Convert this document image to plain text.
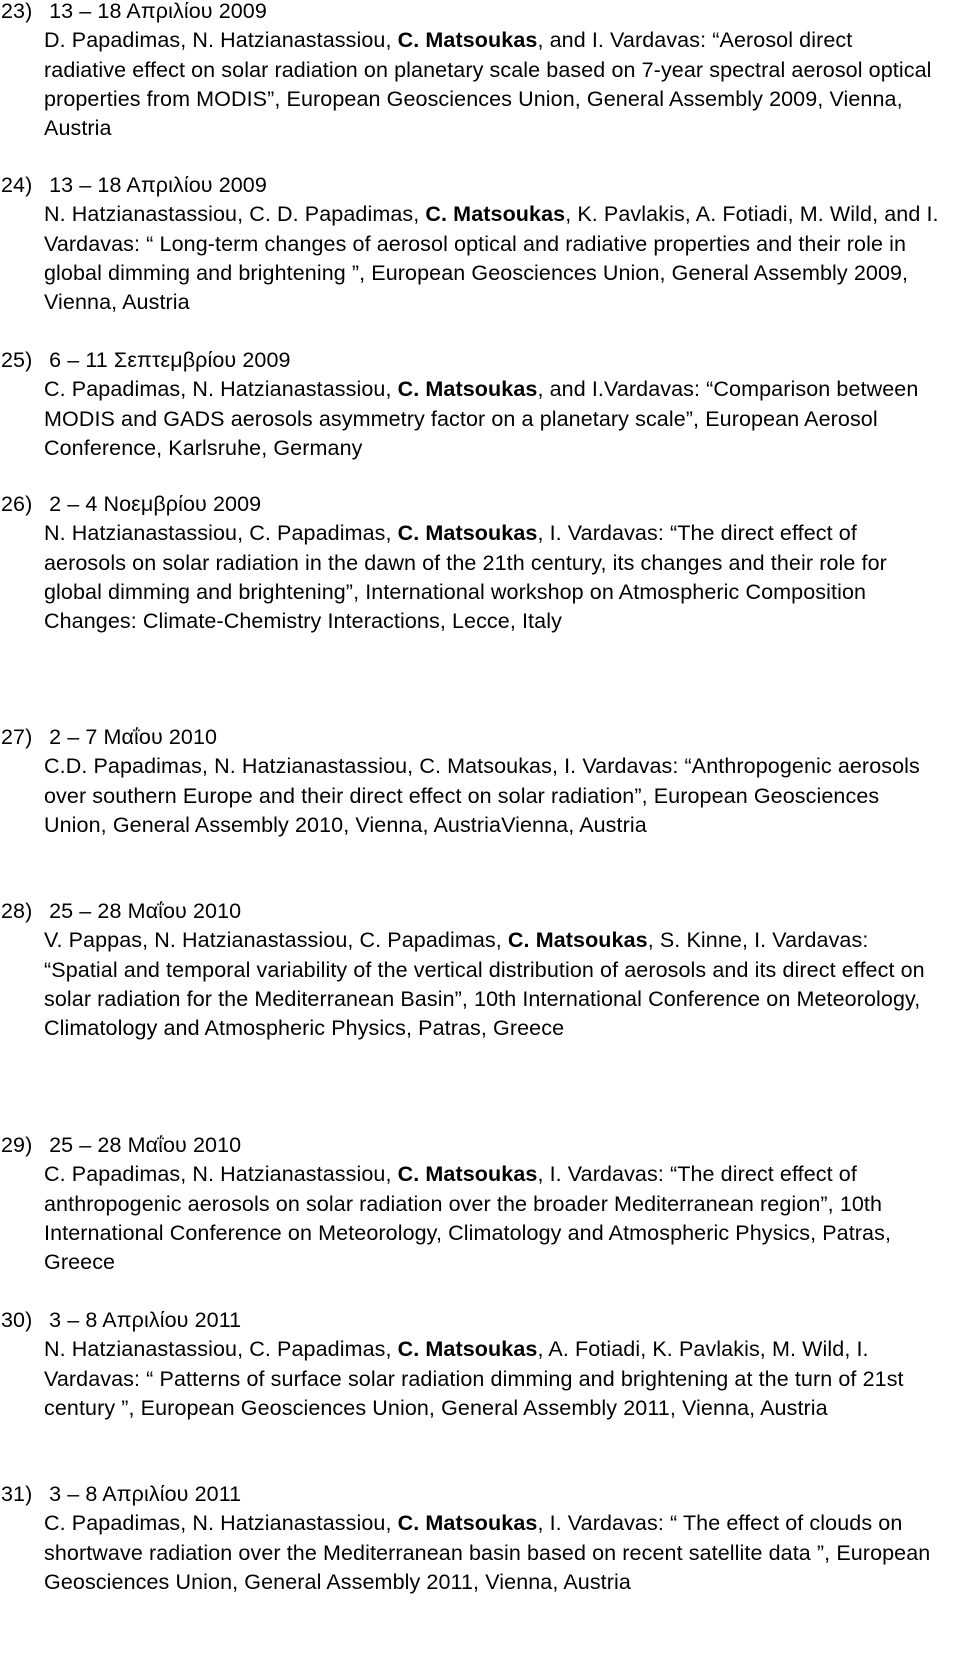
23) 13 – 18 Απριλίου 2009
D. Papadimas, N. Hatzianastassiou, C. Matsoukas, and I. Vardavas: “Aerosol direct radiative effect on solar radiation on planetary scale based on 7-year spectral aerosol optical properties from MODIS”, European Geosciences Union, General Assembly 2009, Vienna, Austria
24) 13 – 18 Απριλίου 2009
N. Hatzianastassiou, C. D. Papadimas, C. Matsoukas, K. Pavlakis, A. Fotiadi, M. Wild, and I. Vardavas: “ Long-term changes of aerosol optical and radiative properties and their role in global dimming and brightening ”, European Geosciences Union, General Assembly 2009, Vienna, Austria
25) 6 – 11 Σεπτεμβρίου 2009
C. Papadimas, N. Hatzianastassiou, C. Matsoukas, and I.Vardavas: “Comparison between MODIS and GADS aerosols asymmetry factor on a planetary scale”, European Aerosol Conference, Karlsruhe, Germany
26) 2 – 4 Νοεμβρίου 2009
N. Hatzianastassiou, C. Papadimas, C. Matsoukas, I. Vardavas: “The direct effect of aerosols on solar radiation in the dawn of the 21th century, its changes and their role for global dimming and brightening”, International workshop on Atmospheric Composition Changes: Climate-Chemistry Interactions, Lecce, Italy
27) 2 – 7 Μαΐου 2010
C.D. Papadimas, N. Hatzianastassiou, C. Matsoukas, I. Vardavas: “Anthropogenic aerosols over southern Europe and their direct effect on solar radiation”, European Geosciences Union, General Assembly 2010, Vienna, AustriaVienna, Austria
28) 25 – 28 Μαΐου 2010
V. Pappas, N. Hatzianastassiou, C. Papadimas, C. Matsoukas, S. Kinne, I. Vardavas: “Spatial and temporal variability of the vertical distribution of aerosols and its direct effect on solar radiation for the Mediterranean Basin”, 10th International Conference on Meteorology, Climatology and Atmospheric Physics, Patras, Greece
29) 25 – 28 Μαΐου 2010
C. Papadimas, N. Hatzianastassiou, C. Matsoukas, I. Vardavas: “The direct effect of anthropogenic aerosols on solar radiation over the broader Mediterranean region”, 10th International Conference on Meteorology, Climatology and Atmospheric Physics, Patras, Greece
30) 3 – 8 Απριλίου 2011
N. Hatzianastassiou, C. Papadimas, C. Matsoukas, A. Fotiadi, K. Pavlakis, M. Wild, I. Vardavas: “ Patterns of surface solar radiation dimming and brightening at the turn of 21st century ”, European Geosciences Union, General Assembly 2011, Vienna, Austria
31) 3 – 8 Απριλίου 2011
C. Papadimas, N. Hatzianastassiou, C. Matsoukas, I. Vardavas: “ The effect of clouds on shortwave radiation over the Mediterranean basin based on recent satellite data ”, European Geosciences Union, General Assembly 2011, Vienna, Austria
